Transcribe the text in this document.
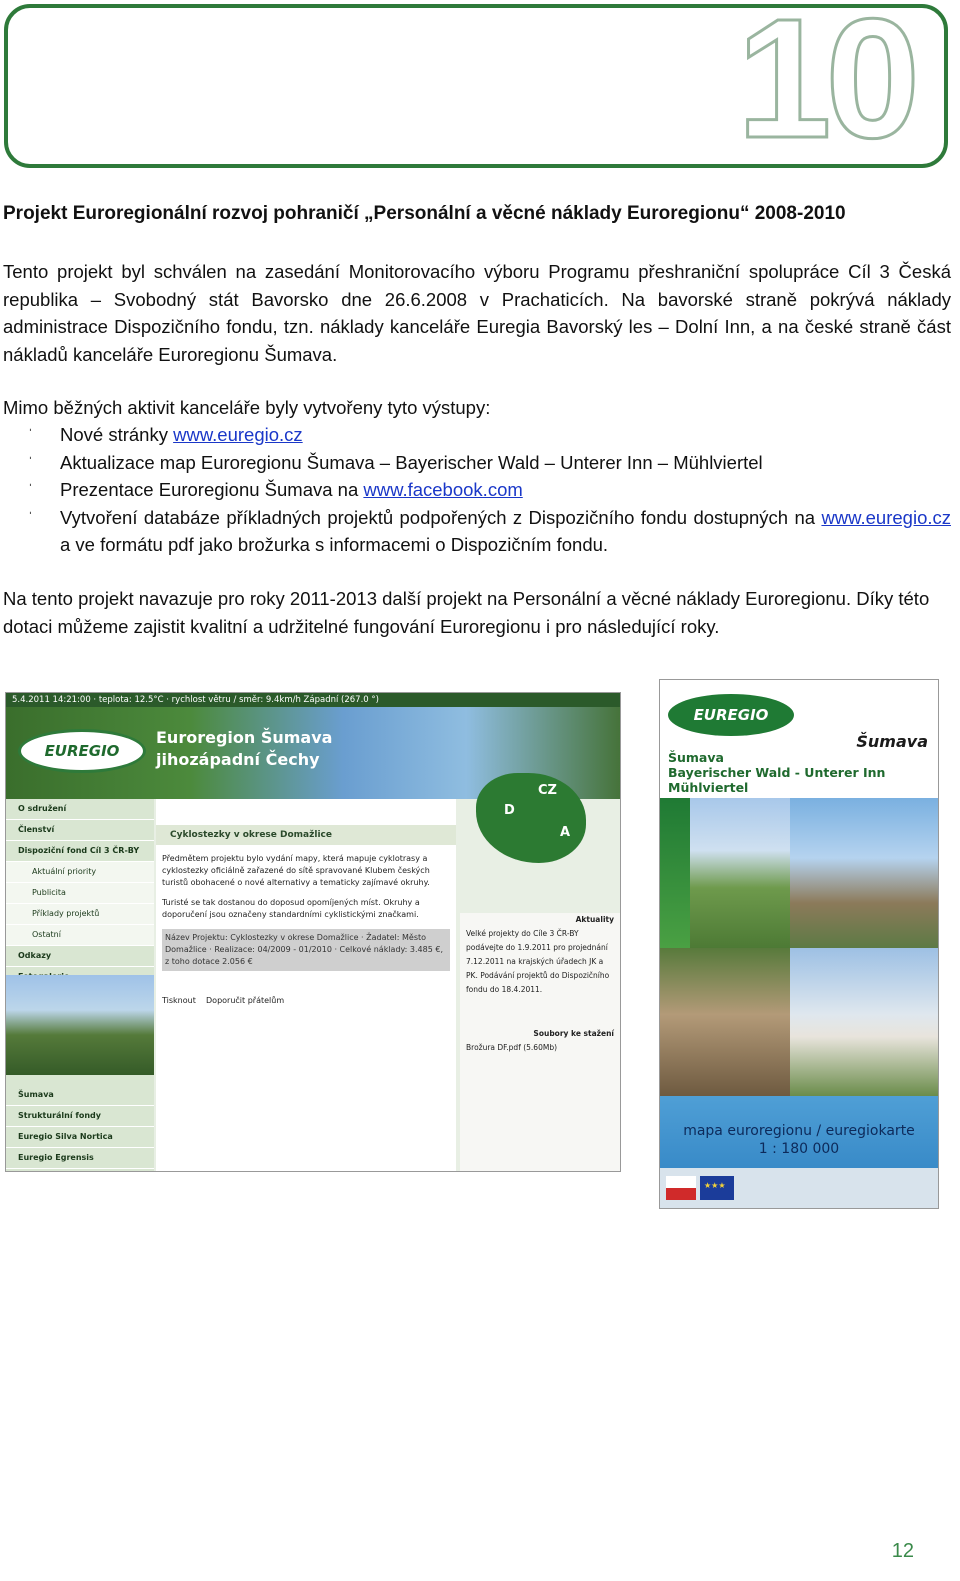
10
Projekt Euroregionální rozvoj pohraničí „Personální a věcné náklady Euroregionu“ 2008-2010
Tento projekt byl schválen na zasedání Monitorovacího výboru Programu přeshraniční spolupráce Cíl 3 Česká republika – Svobodný stát Bavorsko dne 26.6.2008 v Prachaticích. Na bavorské straně pokrývá náklady administrace Dispozičního fondu, tzn. náklady kanceláře Euregia Bavorský les – Dolní Inn, a na české straně část nákladů kanceláře Euroregionu Šumava.
Mimo běžných aktivit kanceláře byly vytvořeny tyto výstupy:
ˈ Nové stránky www.euregio.cz
ˈ Aktualizace map Euroregionu Šumava – Bayerischer Wald – Unterer Inn – Mühlviertel
ˈ Prezentace Euroregionu Šumava na www.facebook.com
ˈ Vytvoření databáze příkladných projektů podpořených z Dispozičního fondu dostupných na www.euregio.cz a ve formátu pdf jako brožurka s informacemi o Dispozičním fondu.
Na tento projekt navazuje pro roky 2011-2013 další projekt na Personální a věcné náklady Euroregionu. Díky této dotaci můžeme zajistit kvalitní a udržitelné fungování Euroregionu i pro následující roky.
5.4.2011 14:21:00 · teplota: 12.5°C · rychlost větru / směr: 9.4km/h Západní (267.0 °)
EUREGIO
Euroregion Šumava
jihozápadní Čechy
D
CZ
A
O sdružení
Členství
Dispoziční fond Cíl 3 ČR-BY
Aktuální priority
Publicita
Příklady projektů
Ostatní
Odkazy
Šumava
Strukturální fondy
Euregio Silva Nortica
Euregio Egrensis
Cyklostezky v okrese Domažlice

Předmětem projektu bylo vydání mapy, která mapuje cyklotrasy a cyklostezky oficiálně zařazené do sítě spravované Klubem českých turistů obohacené o nové alternativy a tematicky zajímavé okruhy.

Turisté se tak dostanou do doposud opomíjených míst. Okruhy a doporučení jsou označeny standardními cyklistickými značkami.

Název Projektu: Cyklostezky v okrese Domažlice · Žadatel: Město Domažlice · Realizace: 04/2009 - 01/2010 · Celkové náklady: 3.485 €, z toho dotace 2.056 €

Tisknout Doporučit přátelům

Aktuality

Velké projekty do Cíle 3 ČR-BY podávejte do 1.9.2011 pro projednání 7.12.2011 na krajských úřadech JK a PK. Podávání projektů do Dispozičního fondu do 18.4.2011.

Soubory ke stažení

Brožura DF.pdf (5.60Mb)

EUREGIO
Šumava
Šumava
Bayerischer Wald - Unterer Inn
Mühlviertel
mapa euroregionu / euregiokarte
1 : 180 000
★★★
12
